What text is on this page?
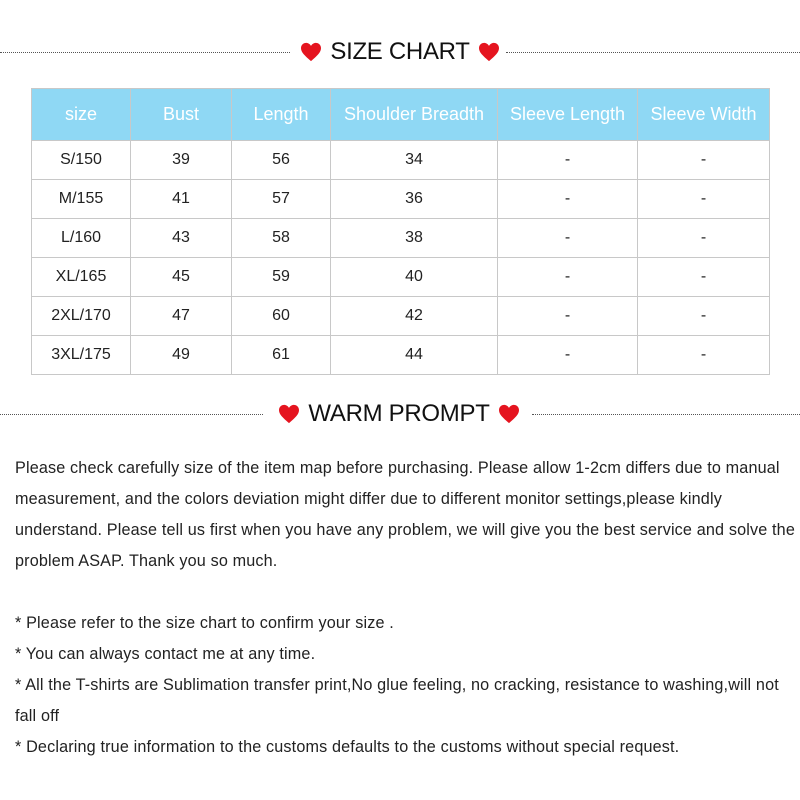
SIZE CHART
size	Bust	Length	Shoulder Breadth	Sleeve Length	Sleeve Width
S/150	39	56	34	-	-
M/155	41	57	36	-	-
L/160	43	58	38	-	-
XL/165	45	59	40	-	-
2XL/170	47	60	42	-	-
3XL/175	49	61	44	-	-
WARM PROMPT

Please check carefully size of the item map before purchasing. Please allow 1-2cm differs due to manual measurement, and the colors deviation might differ due to different monitor settings,please kindly understand. Please tell us first when you have any problem, we will give you the best service and solve the problem ASAP. Thank you so much.

* Please refer to the size chart to confirm your size .

* You can always contact me at any time.

* All the T-shirts are Sublimation transfer print,No glue feeling, no cracking, resistance to washing,will not fall off

* Declaring true information to the customs defaults to the customs without special request.
